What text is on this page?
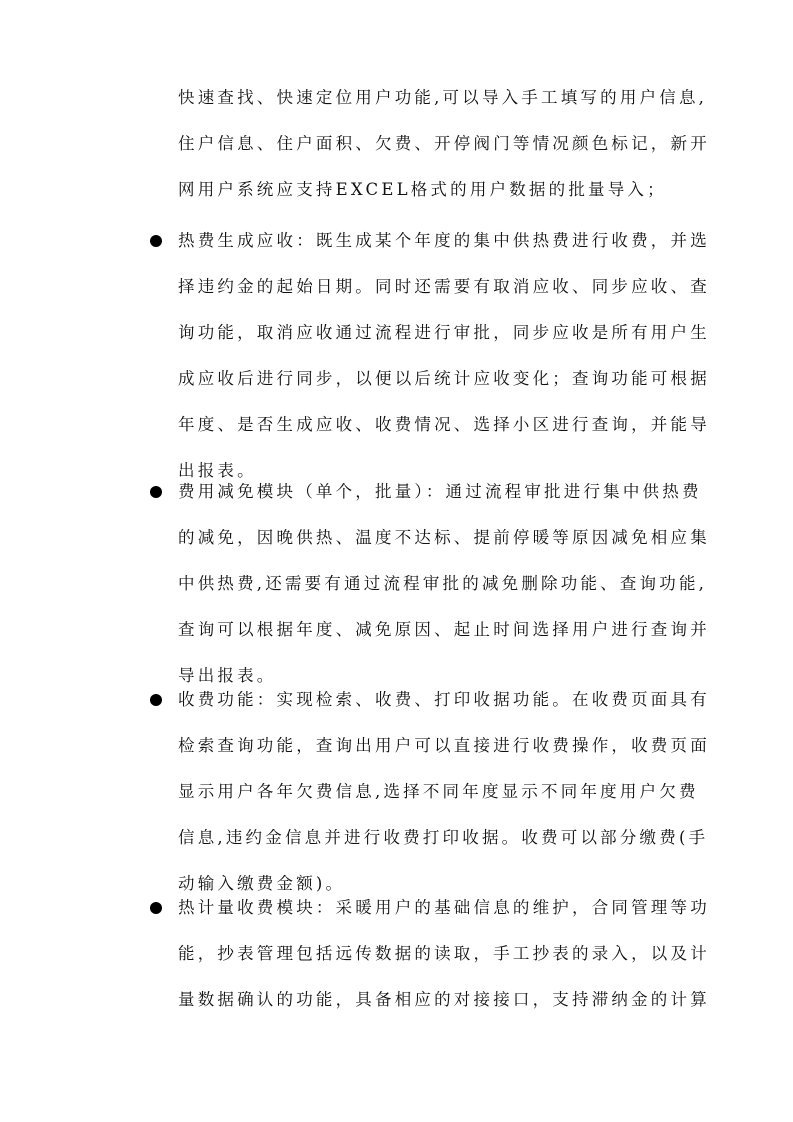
快速查找、快速定位用户功能,可以导入手工填写的用户信息,
住户信息、住户面积、欠费、开停阀门等情况颜色标记，新开
网用户系统应支持EXCEL格式的用户数据的批量导入；
热费生成应收：既生成某个年度的集中供热费进行收费，并选
择违约金的起始日期。同时还需要有取消应收、同步应收、查
询功能，取消应收通过流程进行审批，同步应收是所有用户生
成应收后进行同步，以便以后统计应收变化；查询功能可根据
年度、是否生成应收、收费情况、选择小区进行查询，并能导
出报表。
费用减免模块（单个，批量）：通过流程审批进行集中供热费
的减免，因晚供热、温度不达标、提前停暖等原因减免相应集
中供热费,还需要有通过流程审批的减免删除功能、查询功能,
查询可以根据年度、减免原因、起止时间选择用户进行查询并
导出报表。
收费功能：实现检索、收费、打印收据功能。在收费页面具有
检索查询功能，查询出用户可以直接进行收费操作，收费页面
显示用户各年欠费信息,选择不同年度显示不同年度用户欠费
信息,违约金信息并进行收费打印收据。收费可以部分缴费(手
动输入缴费金额)。
热计量收费模块：采暖用户的基础信息的维护，合同管理等功
能，抄表管理包括远传数据的读取，手工抄表的录入，以及计
量数据确认的功能，具备相应的对接接口，支持滞纳金的计算
